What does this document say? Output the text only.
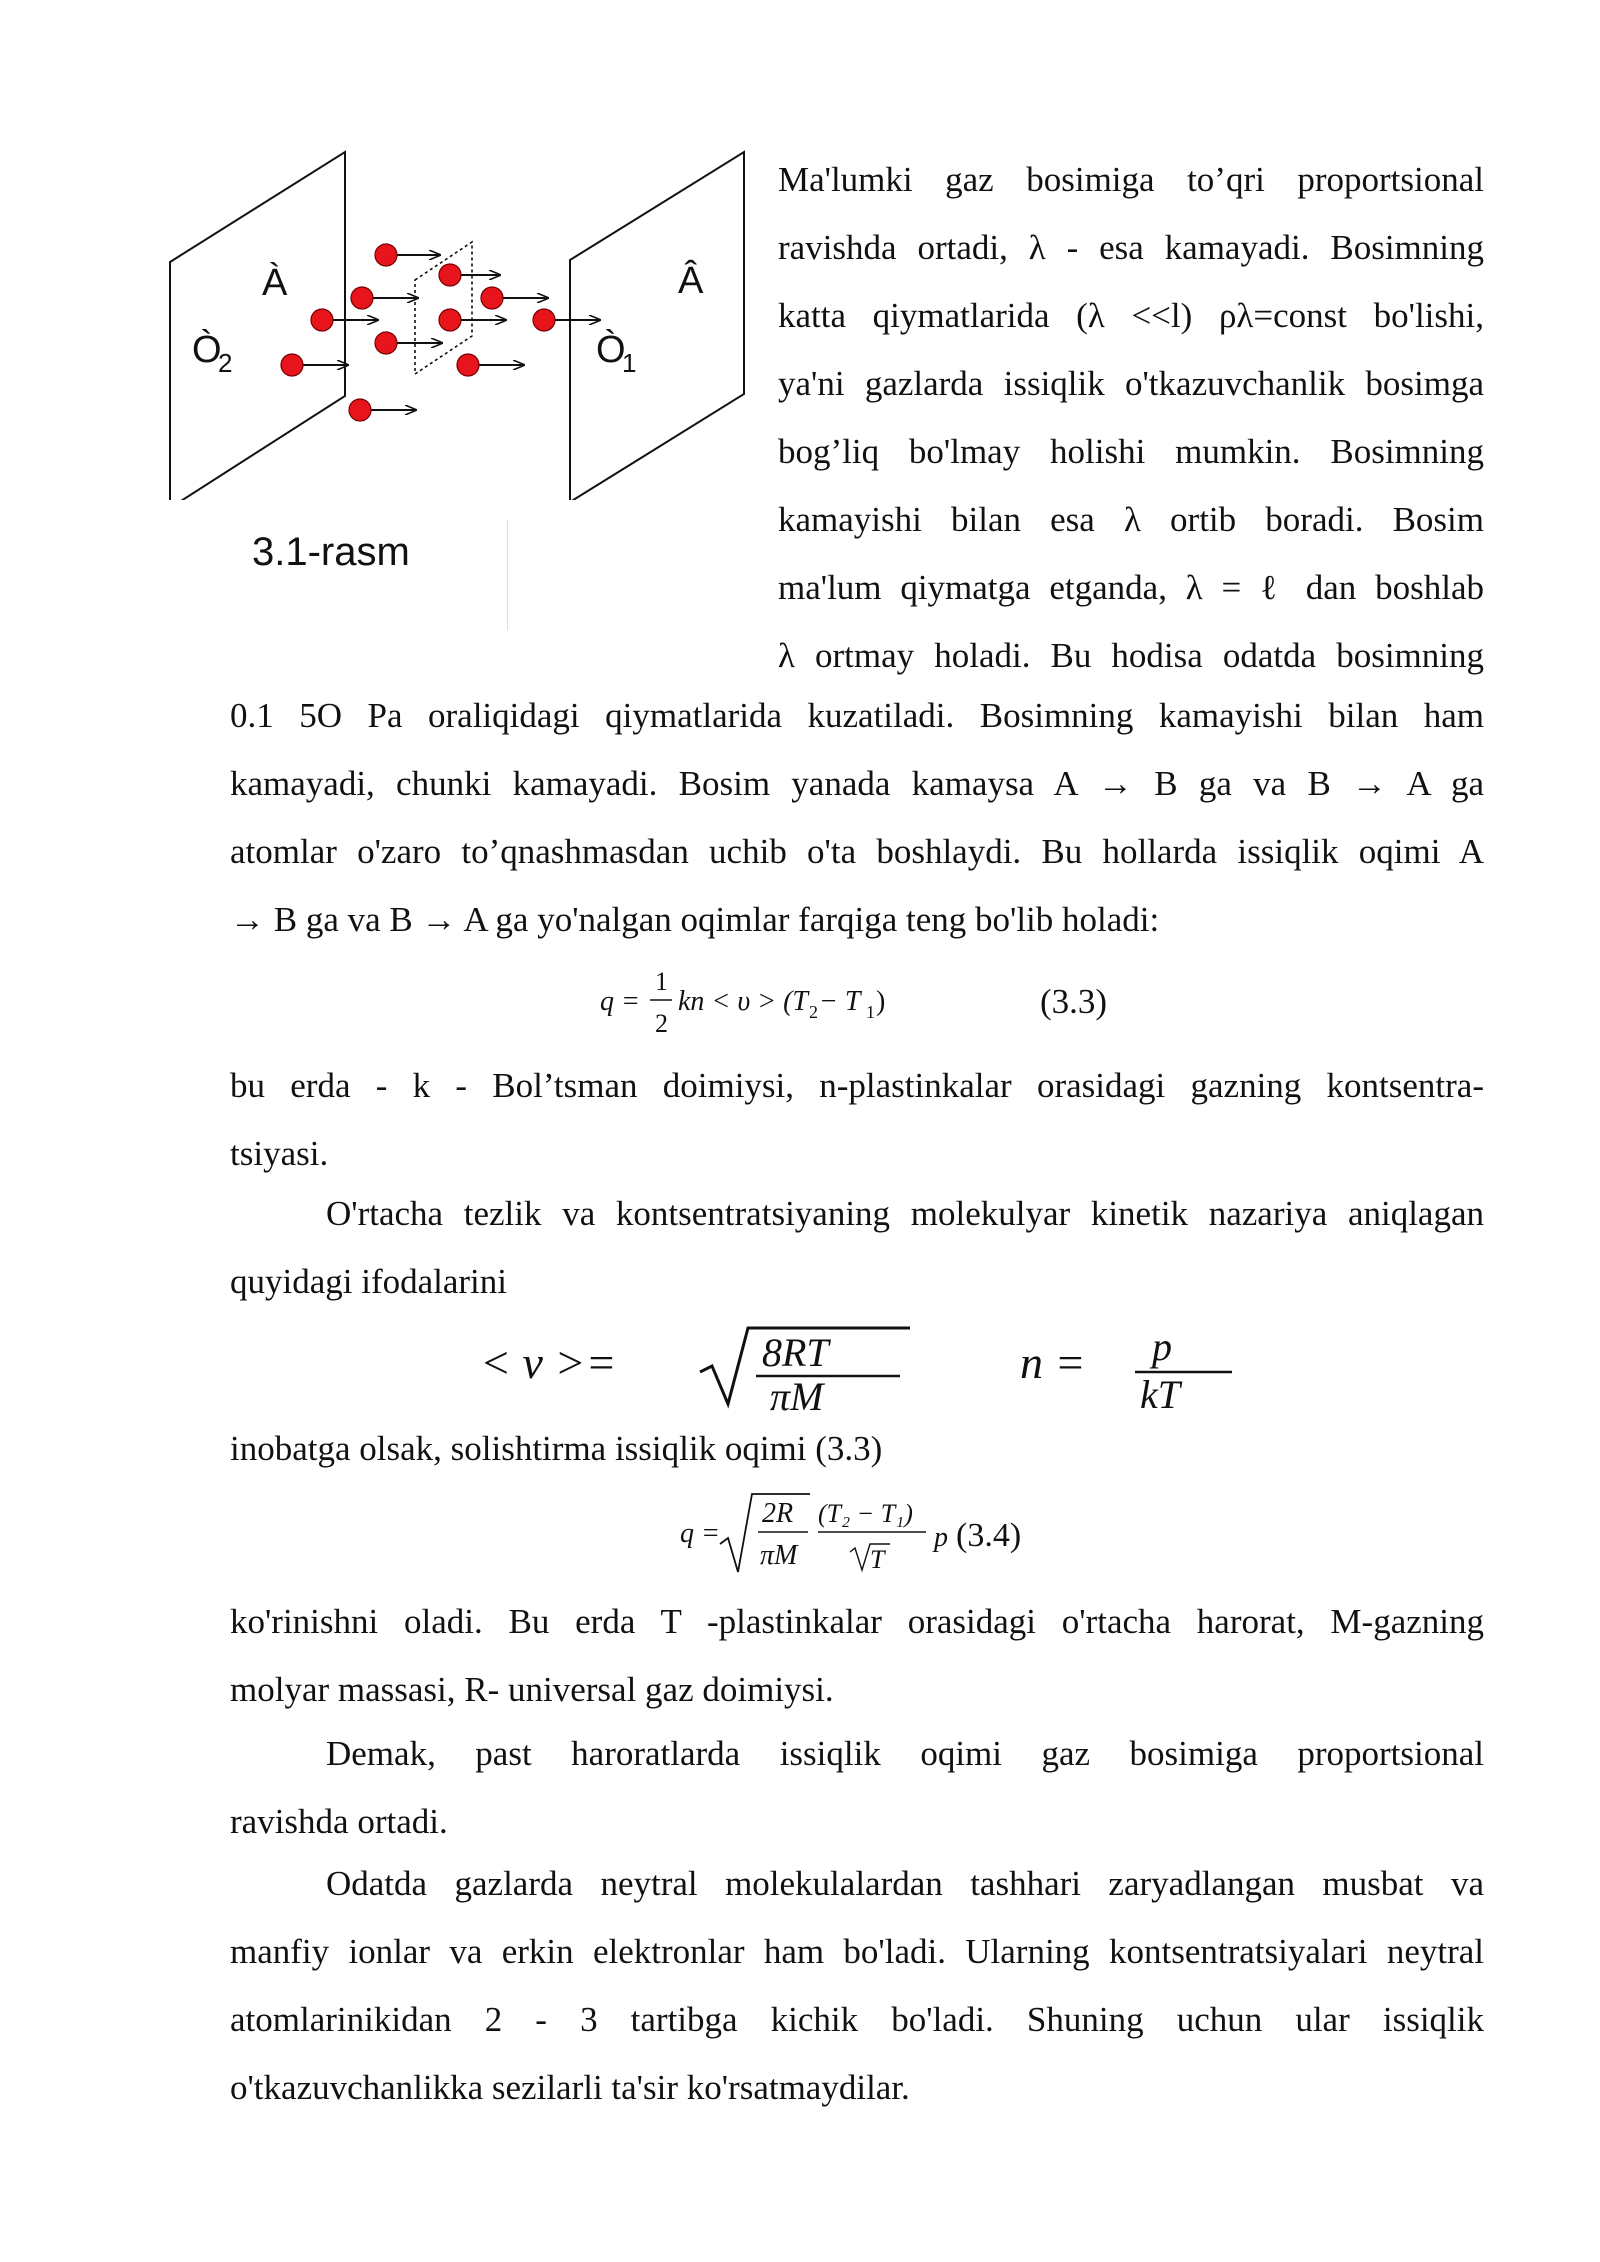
À	Â
Ò
2	Ò
1
3.1-rasm
Ma'lumki gaz bosimiga to’qri proportsional
ravishda ortadi, λ - esa kamayadi. Bosimning
katta qiymatlarida (λ <<l) ρλ=const bo'lishi,
ya'ni gazlarda issiqlik o'tkazuvchanlik bosimga
bog’liq bo'lmay holishi mumkin. Bosimning
kamayishi bilan esa λ ortib boradi. Bosim
ma'lum qiymatga etganda, λ = ℓ dan boshlab
λ ortmay holadi. Bu hodisa odatda bosimning
0.1 5O Pa oraliqidagi qiymatlarida kuzatiladi. Bosimning kamayishi bilan ham
kamayadi, chunki kamayadi. Bosim yanada kamaysa A → B ga va B → A ga
atomlar o'zaro to’qnashmasdan uchib o'ta boshlaydi. Bu hollarda issiqlik oqimi A
→ B ga va B → A ga yo'nalgan oqimlar farqiga teng bo'lib holadi:
q =
1
2
kn < υ > (T 2 − T 1 )	(3.3)
bu erda - k - Bol’tsman doimiysi, n-plastinkalar orasidagi gazning kontsentra-
tsiyasi.
O'rtacha tezlik va kontsentratsiyaning molekulyar kinetik nazariya aniqlagan
quyidagi ifodalarini
< ν >=	8RT
πM
n = p
kT
inobatga olsak, solishtirma issiqlik oqimi (3.3)
q =
2R
πM
(T₂ − T₁)
T
p (3.4)
ko'rinishni oladi. Bu erda T -plastinkalar orasidagi o'rtacha harorat, M-gazning
molyar massasi, R- universal gaz doimiysi.
Demak, past haroratlarda issiqlik oqimi gaz bosimiga proportsional
ravishda ortadi.
Odatda gazlarda neytral molekulalardan tashhari zaryadlangan musbat va
manfiy ionlar va erkin elektronlar ham bo'ladi. Ularning kontsentratsiyalari neytral
atomlarinikidan 2 - 3 tartibga kichik bo'ladi. Shuning uchun ular issiqlik
o'tkazuvchanlikka sezilarli ta'sir ko'rsatmaydilar.
